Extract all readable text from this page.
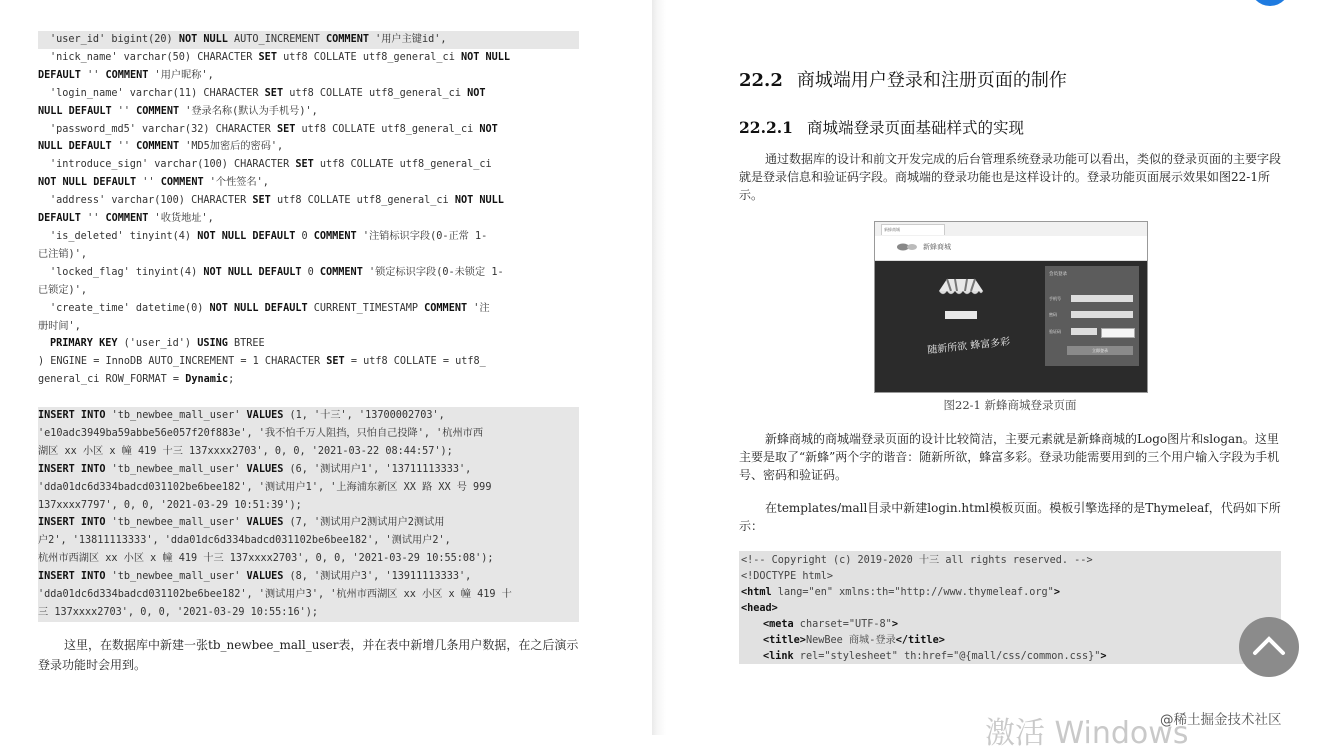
'user_id' bigint(20) NOT NULL AUTO_INCREMENT COMMENT '用户主键id',
'nick_name' varchar(50) CHARACTER SET utf8 COLLATE utf8_general_ci NOT NULL
DEFAULT '' COMMENT '用户昵称',
'login_name' varchar(11) CHARACTER SET utf8 COLLATE utf8_general_ci NOT
NULL DEFAULT '' COMMENT '登录名称(默认为手机号)',
'password_md5' varchar(32) CHARACTER SET utf8 COLLATE utf8_general_ci NOT
NULL DEFAULT '' COMMENT 'MD5加密后的密码',
'introduce_sign' varchar(100) CHARACTER SET utf8 COLLATE utf8_general_ci
NOT NULL DEFAULT '' COMMENT '个性签名',
'address' varchar(100) CHARACTER SET utf8 COLLATE utf8_general_ci NOT NULL
DEFAULT '' COMMENT '收货地址',
'is_deleted' tinyint(4) NOT NULL DEFAULT 0 COMMENT '注销标识字段(0-正常 1-
已注销)',
'locked_flag' tinyint(4) NOT NULL DEFAULT 0 COMMENT '锁定标识字段(0-未锁定 1-
已锁定)',
'create_time' datetime(0) NOT NULL DEFAULT CURRENT_TIMESTAMP COMMENT '注
册时间',
PRIMARY KEY ('user_id') USING BTREE
) ENGINE = InnoDB AUTO_INCREMENT = 1 CHARACTER SET = utf8 COLLATE = utf8_
general_ci ROW_FORMAT = Dynamic;

INSERT INTO 'tb_newbee_mall_user' VALUES (1, '十三', '13700002703',
'e10adc3949ba59abbe56e057f20f883e', '我不怕千万人阻挡，只怕自己投降', '杭州市西
湖区 xx 小区 x 幢 419 十三 137xxxx2703', 0, 0, '2021-03-22 08:44:57');
INSERT INTO 'tb_newbee_mall_user' VALUES (6, '测试用户1', '13711113333',
'dda01dc6d334badcd031102be6bee182', '测试用户1', '上海浦东新区 XX 路 XX 号 999
137xxxx7797', 0, 0, '2021-03-29 10:51:39');
INSERT INTO 'tb_newbee_mall_user' VALUES (7, '测试用户2测试用户2测试用
户2', '13811113333', 'dda01dc6d334badcd031102be6bee182', '测试用户2',
杭州市西湖区 xx 小区 x 幢 419 十三 137xxxx2703', 0, 0, '2021-03-29 10:55:08');
INSERT INTO 'tb_newbee_mall_user' VALUES (8, '测试用户3', '13911113333',
'dda01dc6d334badcd031102be6bee182', '测试用户3', '杭州市西湖区 xx 小区 x 幢 419 十
三 137xxxx2703', 0, 0, '2021-03-29 10:55:16');
这里，在数据库中新建一张tb_newbee_mall_user表，并在表中新增几条用户数据，在之后演示登录功能时会用到。
22.2 商城端用户登录和注册页面的制作
22.2.1 商城端登录页面基础样式的实现
通过数据库的设计和前文开发完成的后台管理系统登录功能可以看出，类似的登录页面的主要字段就是登录信息和验证码字段。商城端的登录功能也是这样设计的。登录功能页面展示效果如图22-1所示。
新蜂商城
新蜂商城
随新所欲 蜂富多彩
会员登录
手机号
密码
验证码
立即登录
图22-1 新蜂商城登录页面
新蜂商城的商城端登录页面的设计比较简洁，主要元素就是新蜂商城的Logo图片和slogan。这里主要是取了“新蜂”两个字的谐音：随新所欲，蜂富多彩。登录功能需要用到的三个用户输入字段为手机号、密码和验证码。
在templates/mall目录中新建login.html模板页面。模板引擎选择的是Thymeleaf，代码如下所示：
<!-- Copyright (c) 2019-2020 十三 all rights reserved. -->
<!DOCTYPE html>
<html lang="en" xmlns:th="http://www.thymeleaf.org">
<head>
<meta charset="UTF-8">
<title>NewBee 商城-登录</title>
<link rel="stylesheet" th:href="@{mall/css/common.css}">
激活 Windows
@稀土掘金技术社区
